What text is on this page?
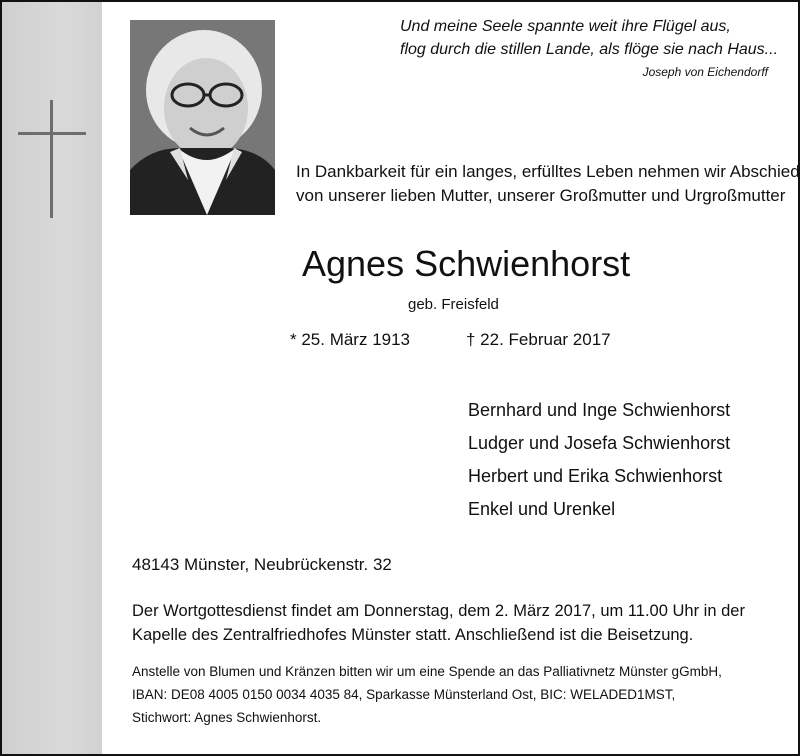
Und meine Seele spannte weit ihre Flügel aus,
flog durch die stillen Lande, als flöge sie nach Haus...
Joseph von Eichendorff
In Dankbarkeit für ein langes, erfülltes Leben nehmen wir Abschied
von unserer lieben Mutter, unserer Großmutter und Urgroßmutter
Agnes Schwienhorst
geb. Freisfeld
* 25. März 1913	† 22. Februar 2017
Bernhard und Inge Schwienhorst
Ludger und Josefa Schwienhorst
Herbert und Erika Schwienhorst
Enkel und Urenkel
48143 Münster, Neubrückenstr. 32
Der Wortgottesdienst findet am Donnerstag, dem 2. März 2017, um 11.00 Uhr in der
Kapelle des Zentralfriedhofes Münster statt. Anschließend ist die Beisetzung.
Anstelle von Blumen und Kränzen bitten wir um eine Spende an das Palliativnetz Münster gGmbH,
IBAN: DE08 4005 0150 0034 4035 84, Sparkasse Münsterland Ost, BIC: WELADED1MST,
Stichwort: Agnes Schwienhorst.
